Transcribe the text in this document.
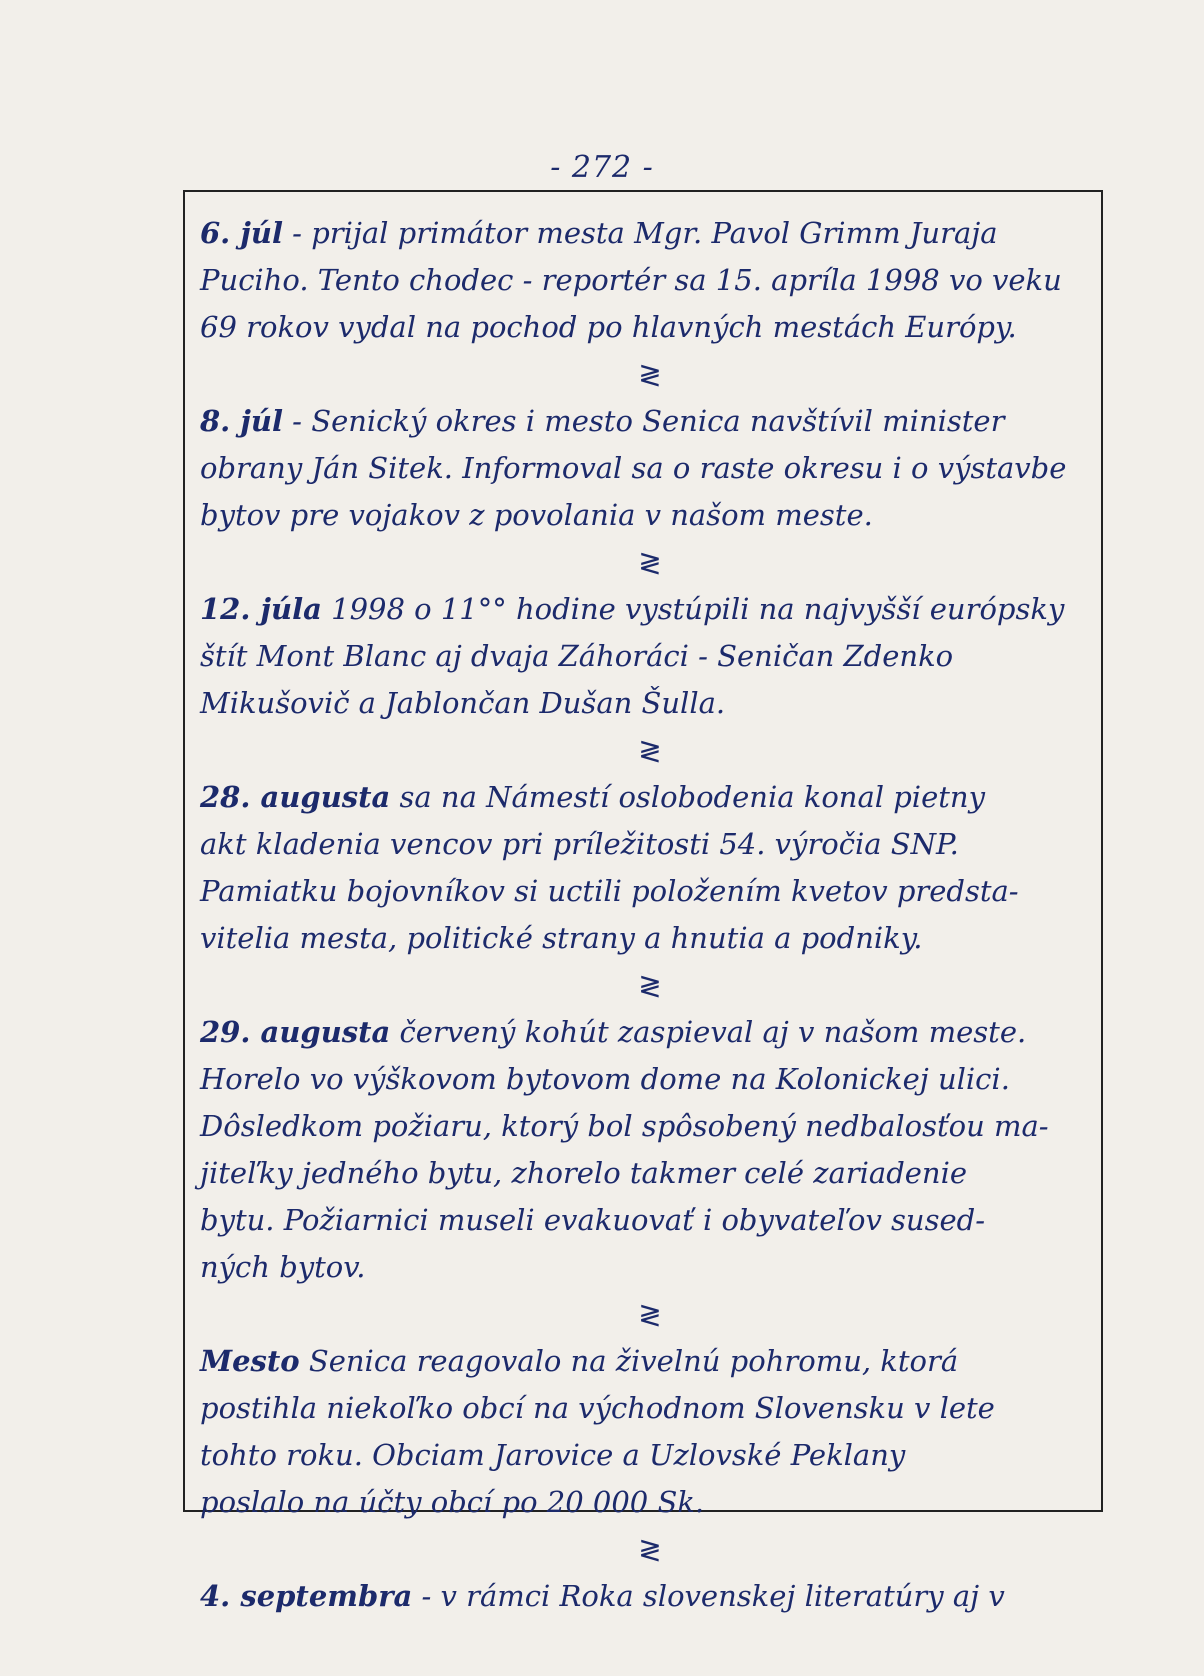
- 272 -
6. júl - prijal primátor mesta Mgr. Pavol Grimm Juraja
Puciho. Tento chodec - reportér sa 15. apríla 1998 vo veku
69 rokov vydal na pochod po hlavných mestách Európy.
≷
8. júl - Senický okres i mesto Senica navštívil minister
obrany Ján Sitek. Informoval sa o raste okresu i o výstavbe
bytov pre vojakov z povolania v našom meste.
≷
12. júla 1998 o 11°° hodine vystúpili na najvyšší európsky
štít Mont Blanc aj dvaja Záhoráci - Seničan Zdenko
Mikušovič a Jablončan Dušan Šulla.
≷
28. augusta sa na Námestí oslobodenia konal pietny
akt kladenia vencov pri príležitosti 54. výročia SNP.
Pamiatku bojovníkov si uctili položením kvetov predsta-
vitelia mesta, politické strany a hnutia a podniky.
≷
29. augusta červený kohút zaspieval aj v našom meste.
Horelo vo výškovom bytovom dome na Kolonickej ulici.
Dôsledkom požiaru, ktorý bol spôsobený nedbalosťou ma-
jiteľky jedného bytu, zhorelo takmer celé zariadenie
bytu. Požiarnici museli evakuovať i obyvateľov sused-
ných bytov.
≷
Mesto Senica reagovalo na živelnú pohromu, ktorá
postihla niekoľko obcí na východnom Slovensku v lete
tohto roku. Obciam Jarovice a Uzlovské Peklany
poslalo na účty obcí po 20 000 Sk.
≷
4. septembra - v rámci Roka slovenskej literatúry aj v
